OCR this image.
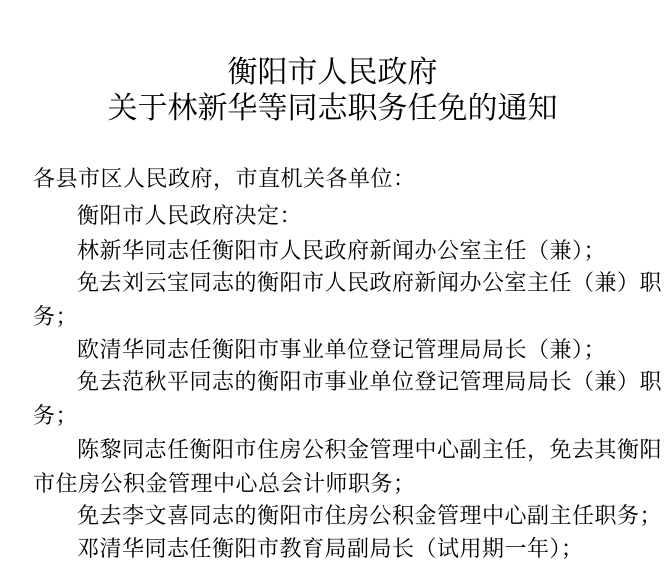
衡阳市人民政府
关于林新华等同志职务任免的通知
各县市区人民政府，市直机关各单位：
衡阳市人民政府决定：
林新华同志任衡阳市人民政府新闻办公室主任（兼）；
免去刘云宝同志的衡阳市人民政府新闻办公室主任（兼）职
务；
欧清华同志任衡阳市事业单位登记管理局局长（兼）；
免去范秋平同志的衡阳市事业单位登记管理局局长（兼）职
务；
陈黎同志任衡阳市住房公积金管理中心副主任，免去其衡阳
市住房公积金管理中心总会计师职务；
免去李文喜同志的衡阳市住房公积金管理中心副主任职务；
邓清华同志任衡阳市教育局副局长（试用期一年）；
